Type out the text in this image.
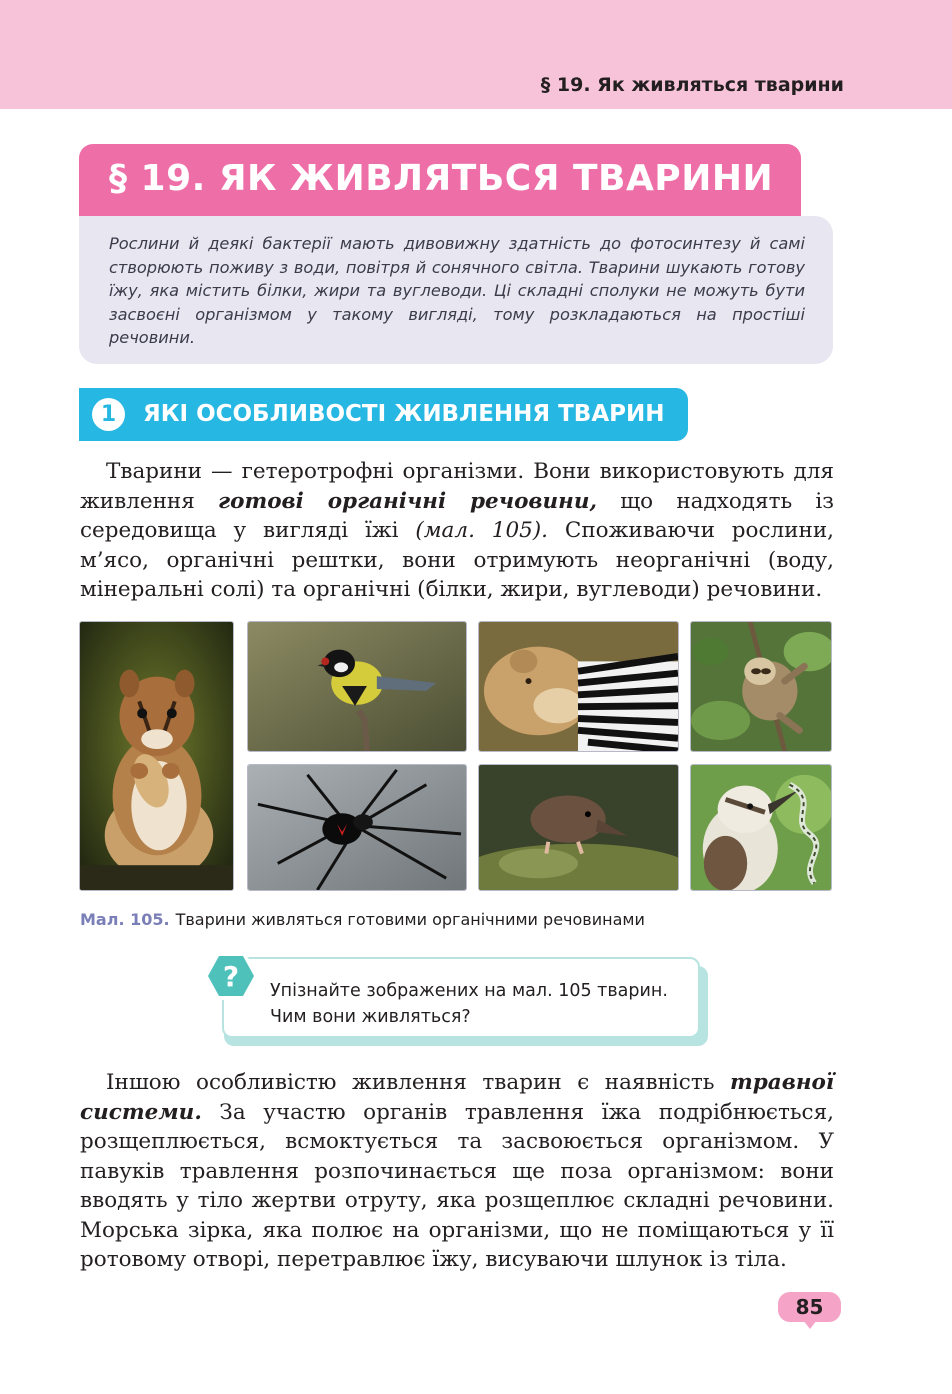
§ 19. Як живляться тварини
§ 19. ЯК ЖИВЛЯТЬСЯ ТВАРИНИ
Рослини й деякі бактерії мають дивовижну здатність до фотосинтезу й самі створюють поживу з води, повітря й сонячного світла. Тварини шукають готову їжу, яка містить білки, жири та вуглеводи. Ці складні сполуки не можуть бути засвоєні організмом у такому вигляді, тому розкладаються на простіші речовини.
1	ЯКІ ОСОБЛИВОСТІ ЖИВЛЕННЯ ТВАРИН
Тварини — гетеротрофні організми. Вони використовують для живлення готові органічні речовини, що надходять із середовища у вигляді їжі (мал. 105). Споживаючи рослини, м’ясо, органічні рештки, вони отримують неорганічні (воду, мінеральні солі) та органічні (білки, жири, вуглеводи) речовини.
Мал. 105. Тварини живляться готовими органічними речовинами
Упізнайте зображених на мал. 105 тварин.
Чим вони живляться?
?
Іншою особливістю живлення тварин є наявність травної системи. За участю органів травлення їжа подрібнюється, розщеплюється, всмоктується та засвоюється організмом. У павуків травлення розпочинається ще поза організмом: вони вводять у тіло жертви отруту, яка розщеплює складні речовини. Морська зірка, яка полює на організми, що не поміщаються у її ротовому отворі, перетравлює їжу, висуваючи шлунок із тіла.
85
